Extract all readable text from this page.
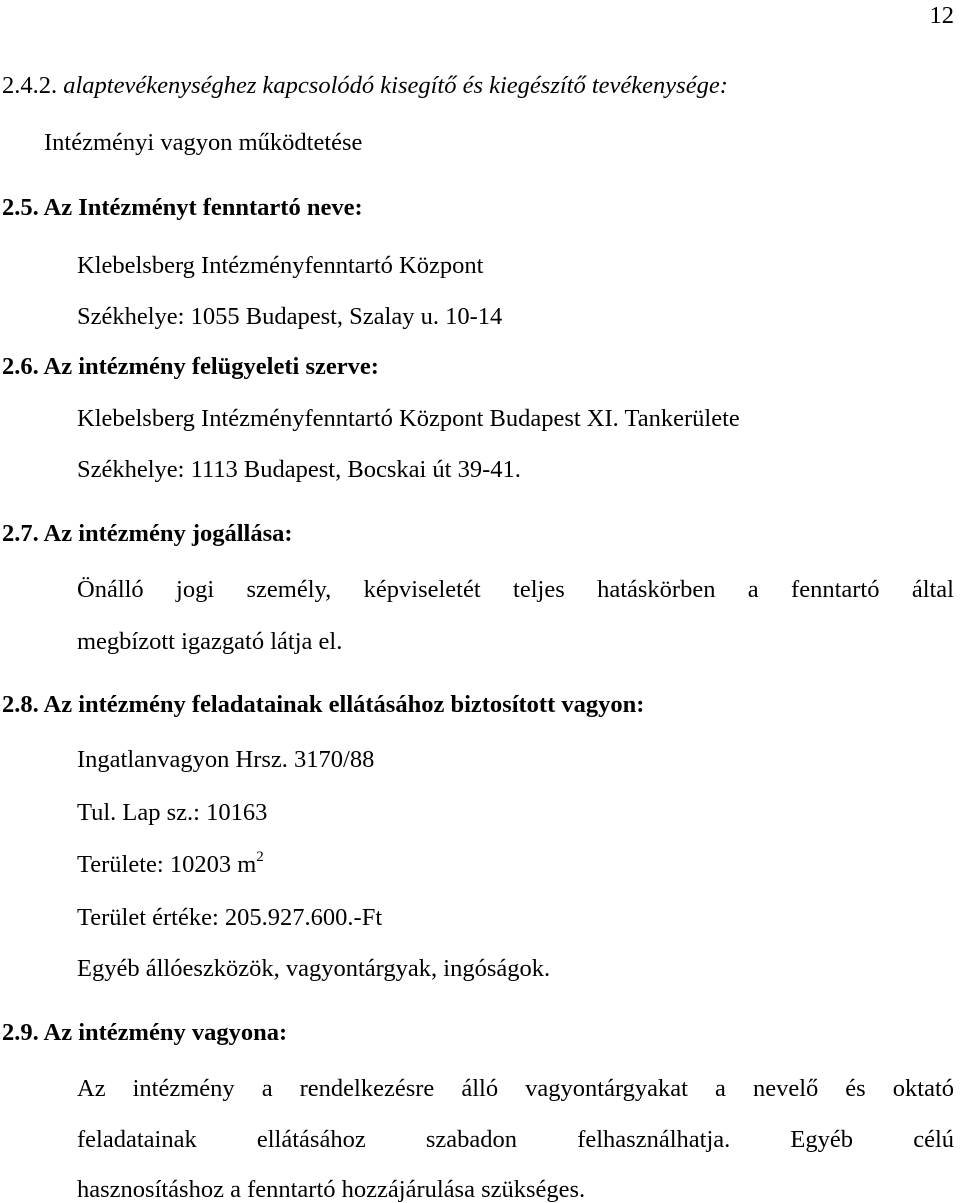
12
2.4.2. alaptevékenységhez kapcsolódó kisegítő és kiegészítő tevékenysége:
Intézményi vagyon működtetése
2.5. Az Intézményt fenntartó neve:
Klebelsberg Intézményfenntartó Központ
Székhelye: 1055 Budapest, Szalay u. 10-14
2.6. Az intézmény felügyeleti szerve:
Klebelsberg Intézményfenntartó Központ Budapest XI. Tankerülete
Székhelye: 1113 Budapest, Bocskai út 39-41.
2.7. Az intézmény jogállása:
Önálló jogi személy, képviseletét teljes hatáskörben a fenntartó által
megbízott igazgató látja el.
2.8. Az intézmény feladatainak ellátásához biztosított vagyon:
Ingatlanvagyon Hrsz. 3170/88
Tul. Lap sz.: 10163
Területe: 10203 $m^2$
Terület értéke: 205.927.600.-Ft
Egyéb állóeszközök, vagyontárgyak, ingóságok.
2.9. Az intézmény vagyona:
Az intézmény a rendelkezésre álló vagyontárgyakat a nevelő és oktató
feladatainak ellátásához szabadon felhasználhatja. Egyéb célú
hasznosításhoz a fenntartó hozzájárulása szükséges.
